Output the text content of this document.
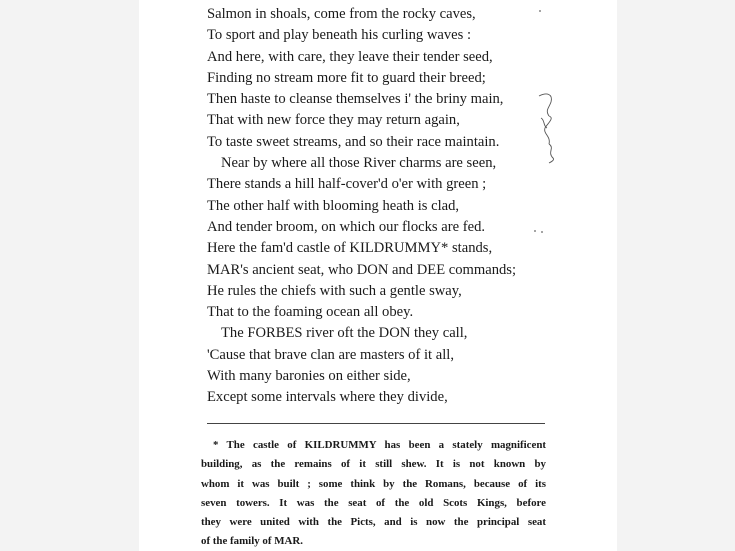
Salmon in shoals, come from the rocky caves,
To sport and play beneath his curling waves :
And here, with care, they leave their tender seed,
Finding no stream more fit to guard their breed;
Then haste to cleanse themselves i' the briny main,
That with new force they may return again,
To taste sweet streams, and so their race maintain.
Near by where all those River charms are seen,
There stands a hill half-cover'd o'er with green ;
The other half with blooming heath is clad,
And tender broom, on which our flocks are fed.
Here the fam'd castle of KILDRUMMY* stands,
MAR's ancient seat, who DON and DEE commands;
He rules the chiefs with such a gentle sway,
That to the foaming ocean all obey.
The FORBES river oft the DON they call,
'Cause that brave clan are masters of it all,
With many baronies on either side,
Except some intervals where they divide,
* The castle of KILDRUMMY has been a stately magnificent
building, as the remains of it still shew. It is not known by
whom it was built ; some think by the Romans, because of its
seven towers. It was the seat of the old Scots Kings, before
they were united with the Picts, and is now the principal seat
of the family of MAR.
